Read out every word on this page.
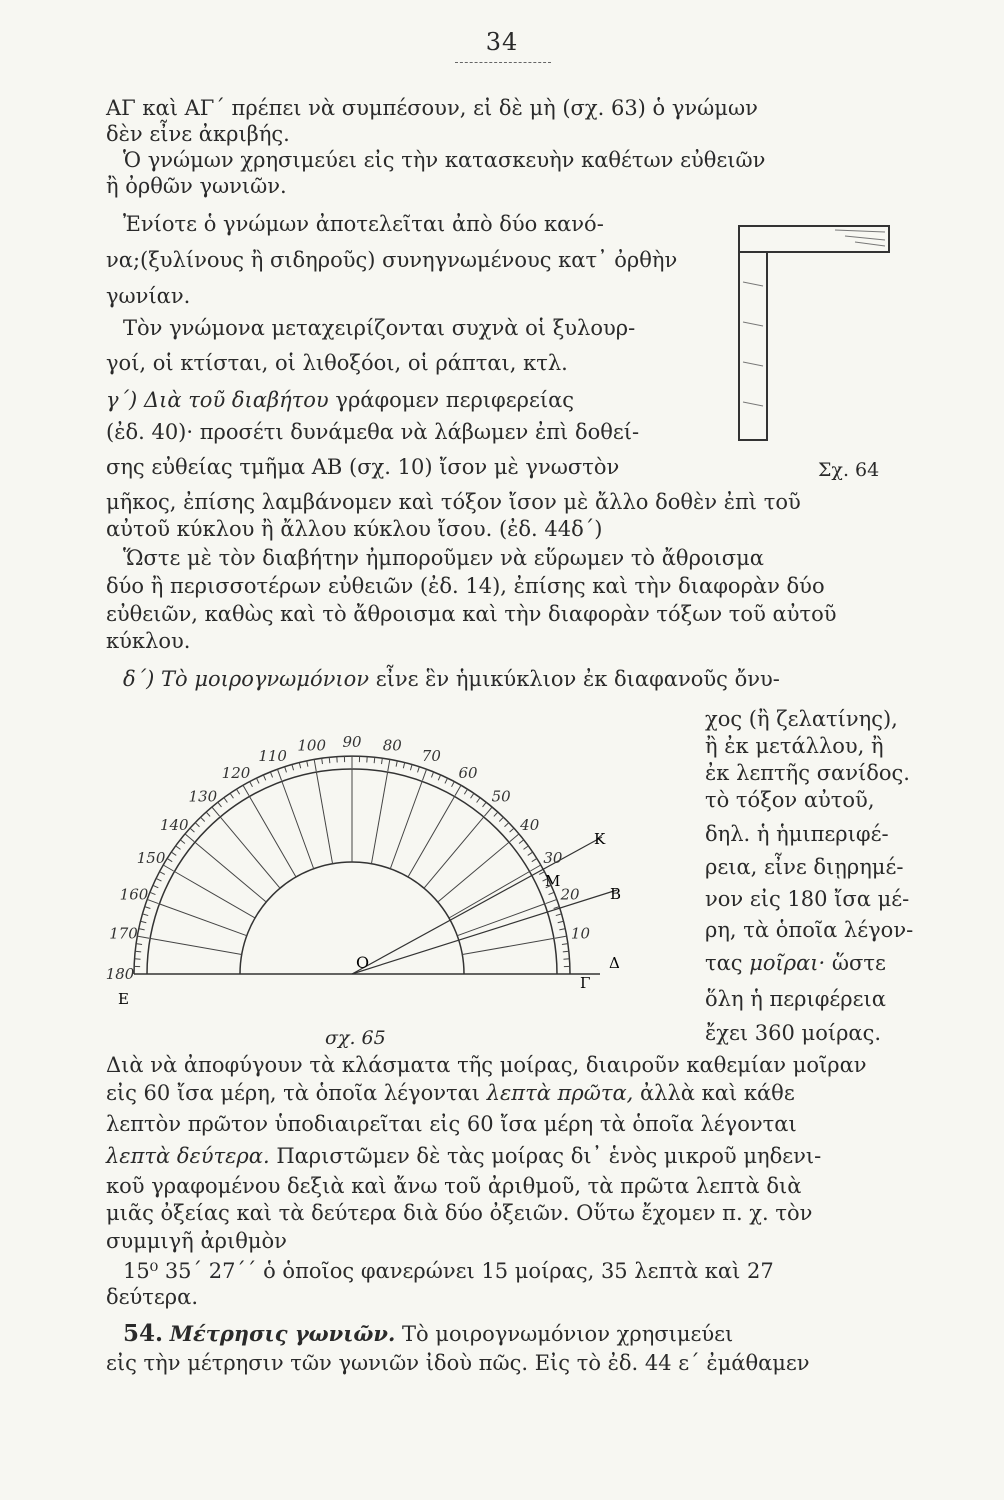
34
ΑΓ καὶ ΑΓ΄ πρέπει νὰ συμπέσουν, εἰ δὲ μὴ (σχ. 63) ὁ γνώμων
δὲν εἶνε ἀκριβής.
Ὁ γνώμων χρησιμεύει εἰς τὴν κατασκευὴν καθέτων εὐθειῶν
ἢ ὀρθῶν γωνιῶν.
Ἐνίοτε ὁ γνώμων ἀποτελεῖται ἀπὸ δύο κανό-
να;(ξυλίνους ἢ σιδηροῦς) συνηγνωμένους κατ᾽ ὀρθὴν
γωνίαν.
Τὸν γνώμονα μεταχειρίζονται συχνὰ οἱ ξυλουρ-
γοί, οἱ κτίσται, οἱ λιθοξόοι, οἱ ράπται, κτλ.
γ΄) Διὰ τοῦ διαβήτου γράφομεν περιφερείας
(ἐδ. 40)· προσέτι δυνάμεθα νὰ λάβωμεν ἐπὶ δοθεί-
σης εὐθείας τμῆμα ΑΒ (σχ. 10) ἴσον μὲ γνωστὸν	Σχ. 64
μῆκος, ἐπίσης λαμβάνομεν καὶ τόξον ἴσον μὲ ἄλλο δοθὲν ἐπὶ τοῦ
αὐτοῦ κύκλου ἢ ἄλλου κύκλου ἴσου. (ἐδ. 44δ΄)
Ὥστε μὲ τὸν διαβήτην ἠμποροῦμεν νὰ εὕρωμεν τὸ ἄθροισμα
δύο ἢ περισσοτέρων εὐθειῶν (ἐδ. 14), ἐπίσης καὶ τὴν διαφορὰν δύο
εὐθειῶν, καθὼς καὶ τὸ ἄθροισμα καὶ τὴν διαφορὰν τόξων τοῦ αὐτοῦ
κύκλου.
δ΄) Τὸ μοιρογνωμόνιον εἶνε ἓν ἡμικύκλιον ἐκ διαφανοῦς ὄνυ-
χος (ἢ ζελατίνης),
ἢ ἐκ μετάλλου, ἢ
ἐκ λεπτῆς σανίδος.
τὸ τόξον αὐτοῦ,
δηλ. ἡ ἡμιπεριφέ-
ρεια, εἶνε διῃρημέ-
νον εἰς 180 ἴσα μέ-
ρη, τὰ ὁποῖα λέγον-
τας μοῖραι· ὥστε
ὅλη ἡ περιφέρεια
ἔχει 360 μοίρας.
10
20
30
40
50
60
70
80
90
100
110
120
130
140
150
160
170
180
O
K
M
B
Δ
Γ
E
σχ. 65
Διὰ νὰ ἀποφύγουν τὰ κλάσματα τῆς μοίρας, διαιροῦν καθεμίαν μοῖραν
εἰς 60 ἴσα μέρη, τὰ ὁποῖα λέγονται λεπτὰ πρῶτα, ἀλλὰ καὶ κάθε
λεπτὸν πρῶτον ὑποδιαιρεῖται εἰς 60 ἴσα μέρη τὰ ὁποῖα λέγονται
λεπτὰ δεύτερα. Παριστῶμεν δὲ τὰς μοίρας δι᾽ ἑνὸς μικροῦ μηδενι-
κοῦ γραφομένου δεξιὰ καὶ ἄνω τοῦ ἀριθμοῦ, τὰ πρῶτα λεπτὰ διὰ
μιᾶς ὀξείας καὶ τὰ δεύτερα διὰ δύο ὀξειῶν. Οὕτω ἔχομεν π. χ. τὸν
συμμιγῆ ἀριθμὸν
15⁰ 35΄ 27΄΄ ὁ ὁποῖος φανερώνει 15 μοίρας, 35 λεπτὰ καὶ 27
δεύτερα.
54. Μέτρησις γωνιῶν. Τὸ μοιρογνωμόνιον χρησιμεύει
εἰς τὴν μέτρησιν τῶν γωνιῶν ἰδοὺ πῶς. Εἰς τὸ ἐδ. 44 ε΄ ἐμάθαμεν
